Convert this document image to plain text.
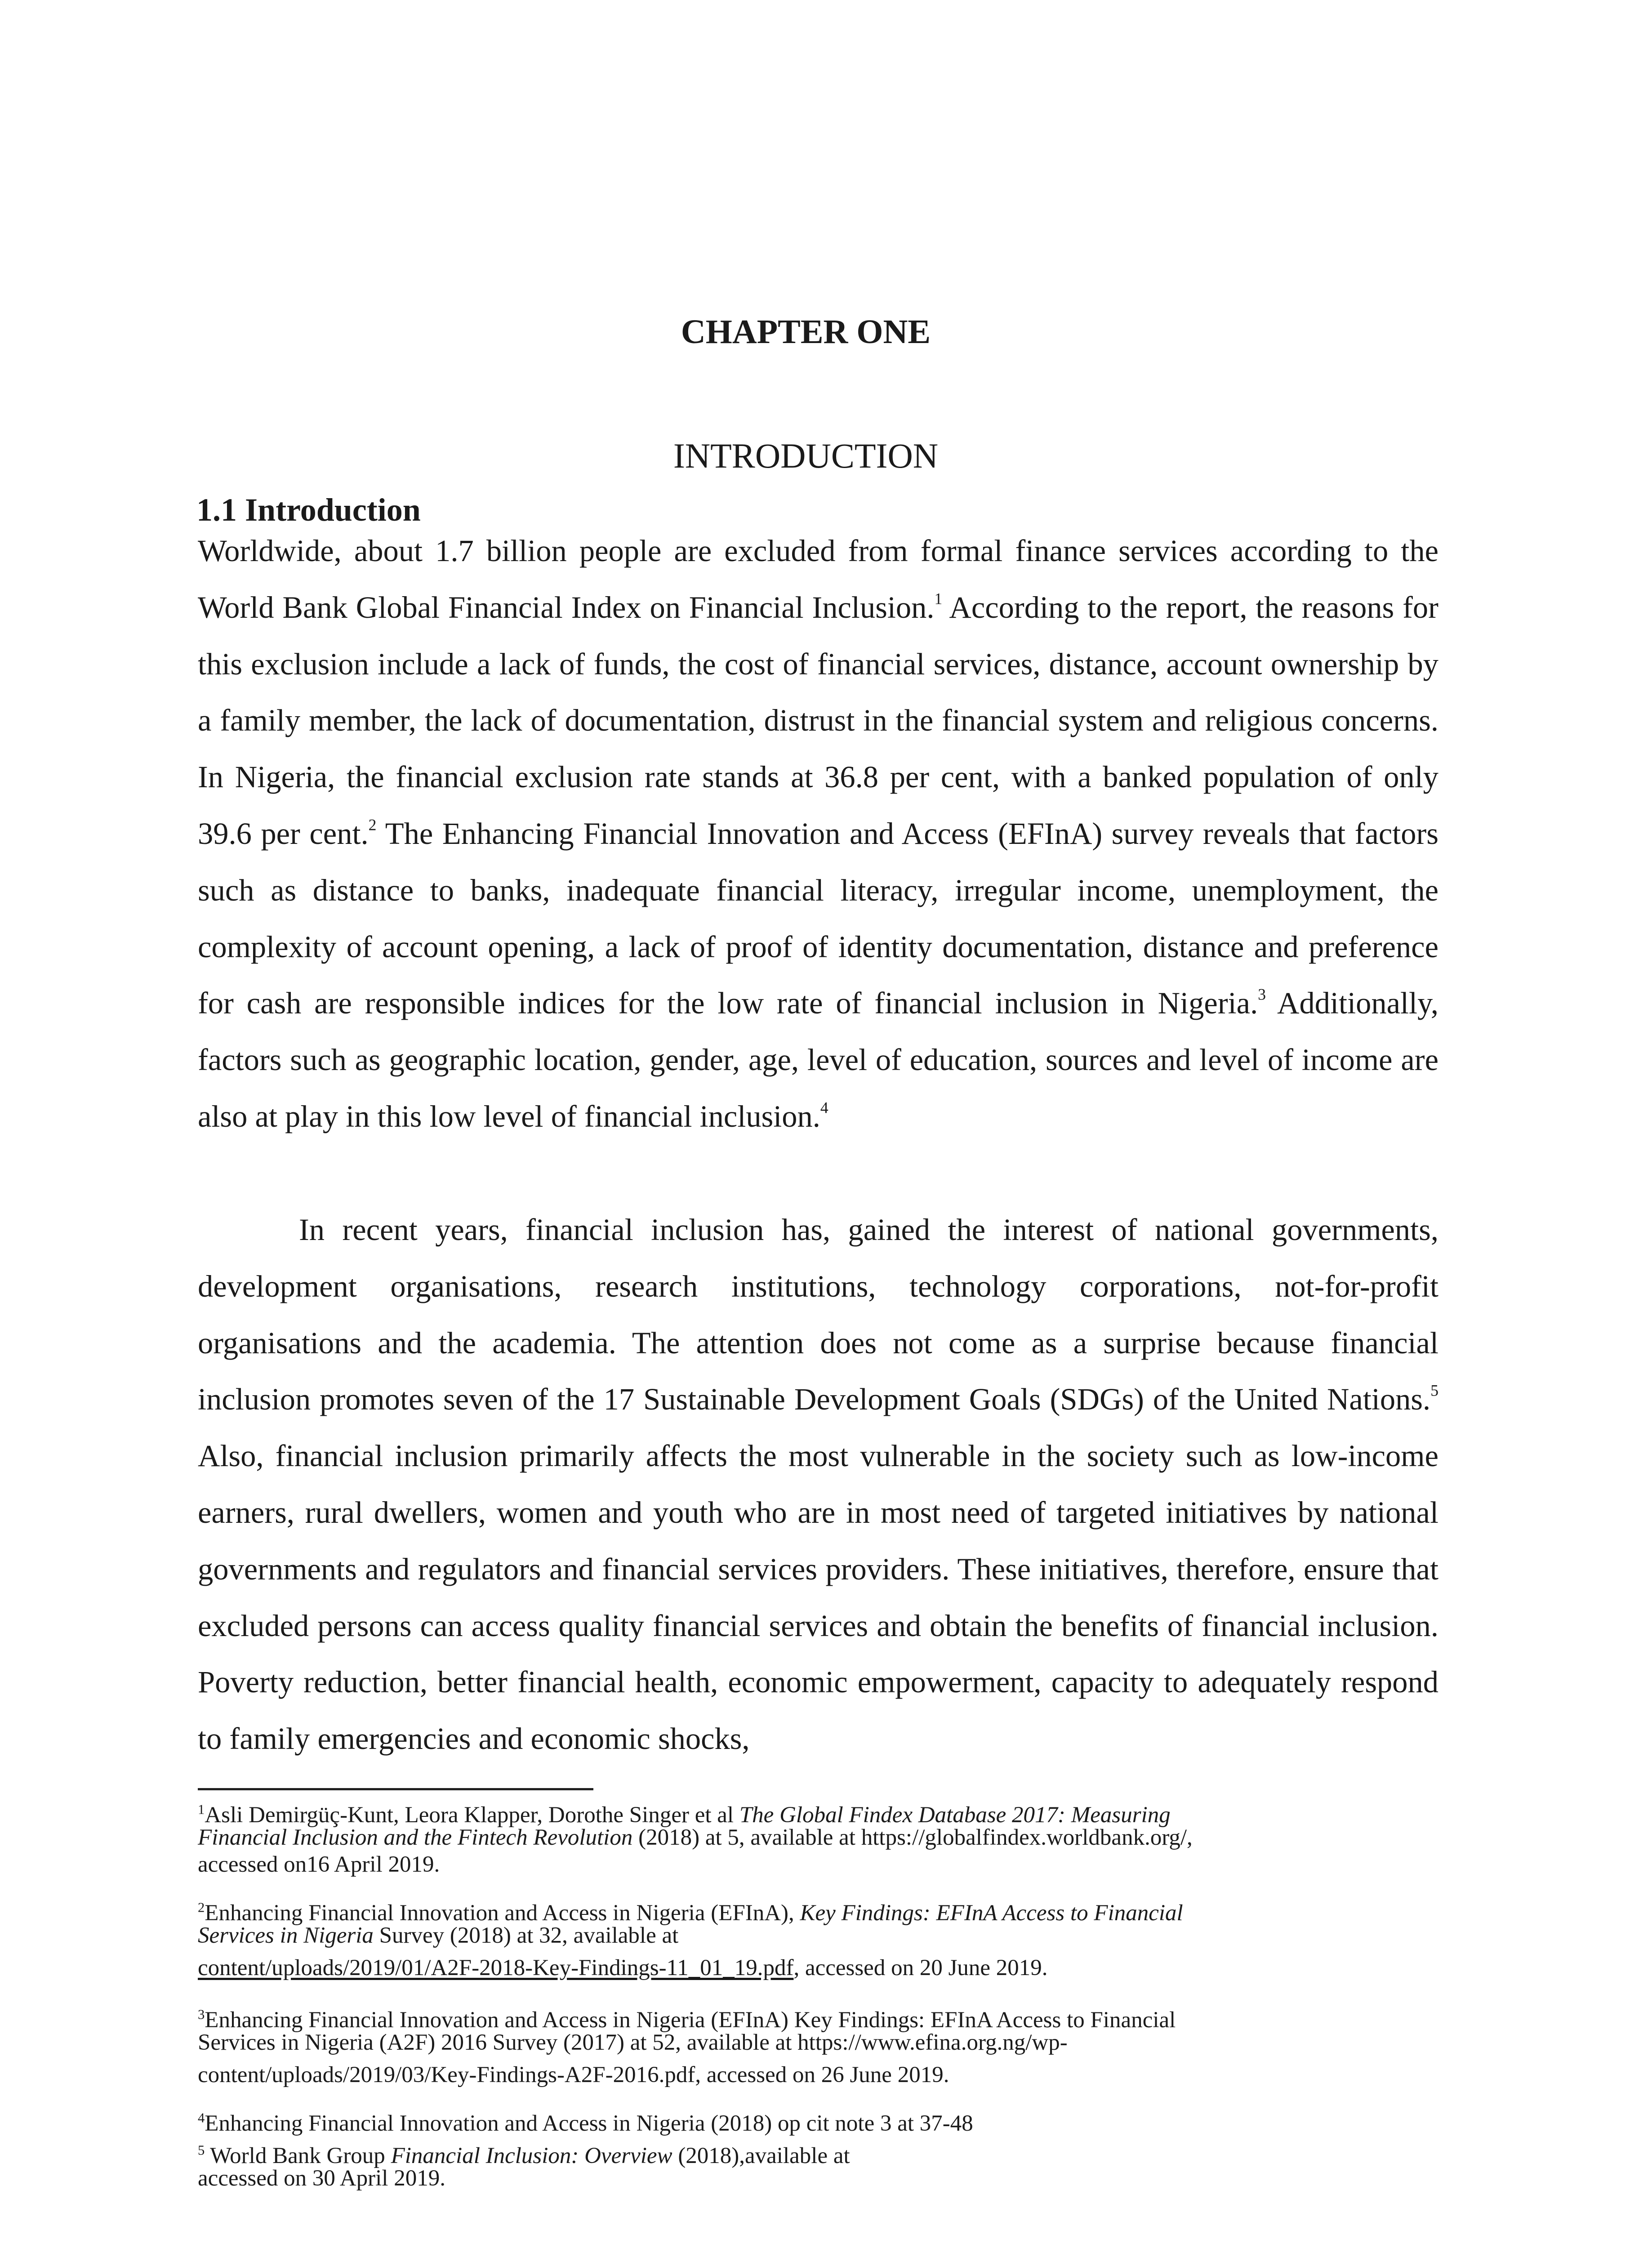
CHAPTER ONE
INTRODUCTION
1.1 Introduction

Worldwide, about 1.7 billion people are excluded from formal finance services according to the World Bank Global Financial Index on Financial Inclusion.$^1$ According to the report, the reasons for this exclusion include a lack of funds, the cost of financial services, distance, account ownership by a family member, the lack of documentation, distrust in the financial system and religious concerns. In Nigeria, the financial exclusion rate stands at 36.8 per cent, with a banked population of only 39.6 per cent.$^2$ The Enhancing Financial Innovation and Access (EFInA) survey reveals that factors such as distance to banks, inadequate financial literacy, irregular income, unemployment, the complexity of account opening, a lack of proof of identity documentation, distance and preference for cash are responsible indices for the low rate of financial inclusion in Nigeria.$^3$ Additionally, factors such as geographic location, gender, age, level of education, sources and level of income are also at play in this low level of financial inclusion.$^4$

In recent years, financial inclusion has, gained the interest of national governments, development organisations, research institutions, technology corporations, not-for-profit organisations and the academia. The attention does not come as a surprise because financial inclusion promotes seven of the 17 Sustainable Development Goals (SDGs) of the United Nations.$^5$ Also, financial inclusion primarily affects the most vulnerable in the society such as low-income earners, rural dwellers, women and youth who are in most need of targeted initiatives by national governments and regulators and financial services providers. These initiatives, therefore, ensure that excluded persons can access quality financial services and obtain the benefits of financial inclusion. Poverty reduction, better financial health, economic empowerment, capacity to adequately respond to family emergencies and economic shocks,

$^1$Asli Demirgüç-Kunt, Leora Klapper, Dorothe Singer et al The Global Findex Database 2017: Measuring
Financial Inclusion and the Fintech Revolution (2018) at 5, available at https://globalfindex.worldbank.org/,
accessed on16 April 2019.
$^2$Enhancing Financial Innovation and Access in Nigeria (EFInA), Key Findings: EFInA Access to Financial
Services in Nigeria Survey (2018) at 32, available at
content/uploads/2019/01/A2F-2018-Key-Findings-11_01_19.pdf, accessed on 20 June 2019.
$^3$Enhancing Financial Innovation and Access in Nigeria (EFInA) Key Findings: EFInA Access to Financial
Services in Nigeria (A2F) 2016 Survey (2017) at 52, available at https://www.efina.org.ng/wp-
content/uploads/2019/03/Key-Findings-A2F-2016.pdf, accessed on 26 June 2019.
$^4$Enhancing Financial Innovation and Access in Nigeria (2018) op cit note 3 at 37-48
$^5$ World Bank Group Financial Inclusion: Overview (2018),available at
accessed on 30 April 2019.
